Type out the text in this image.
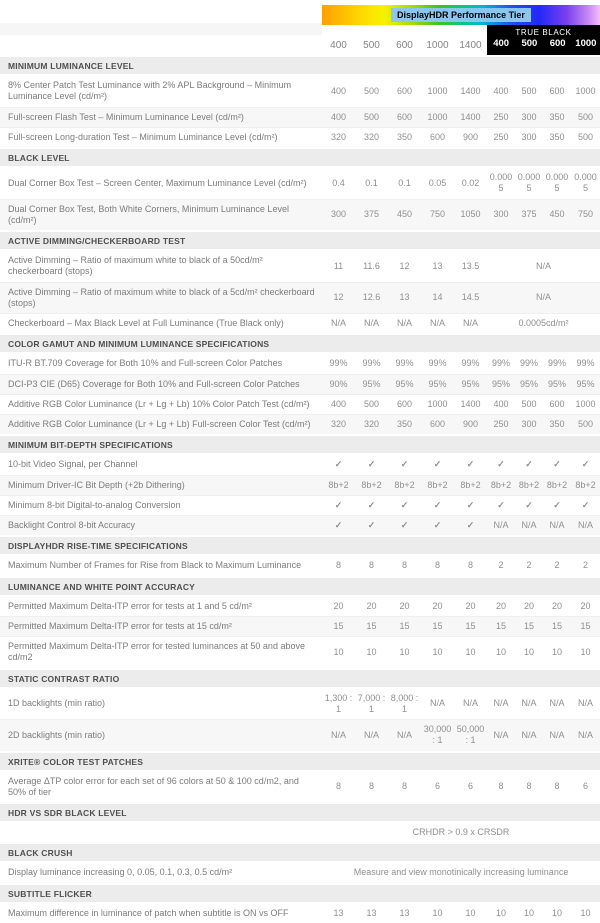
DisplayHDR Performance Tier
400	500	600	1000	1400
TRUE BLACK
400	500	600	1000
MINIMUM LUMINANCE LEVEL									
8% Center Patch Test Luminance with 2% APL Background – Minimum Luminance Level (cd/m²)	400	500	600	1000	1400	400	500	600	1000
Full-screen Flash Test – Minimum Luminance Level (cd/m²)	400	500	600	1000	1400	250	300	350	500
Full-screen Long-duration Test – Minimum Luminance Level (cd/m²)	320	320	350	600	900	250	300	350	500
BLACK LEVEL									
Dual Corner Box Test – Screen Center, Maximum Luminance Level (cd/m²)	0.4	0.1	0.1	0.05	0.02	0.0005	0.0005	0.0005	0.0005
Dual Corner Box Test, Both White Corners, Minimum Luminance Level (cd/m²)	300	375	450	750	1050	300	375	450	750
ACTIVE DIMMING/CHECKERBOARD TEST									
Active Dimming – Ratio of maximum white to black of a 50cd/m² checkerboard (stops)	11	11.6	12	13	13.5	N/A			
Active Dimming – Ratio of maximum white to black of a 5cd/m² checkerboard (stops)	12	12.6	13	14	14.5	N/A			
Checkerboard – Max Black Level at Full Luminance (True Black only)	N/A	N/A	N/A	N/A	N/A	0.0005cd/m²			
COLOR GAMUT AND MINIMUM LUMINANCE SPECIFICATIONS									
ITU-R BT.709 Coverage for Both 10% and Full-screen Color Patches	99%	99%	99%	99%	99%	99%	99%	99%	99%
DCI-P3 CIE (D65) Coverage for Both 10% and Full-screen Color Patches	90%	95%	95%	95%	95%	95%	95%	95%	95%
Additive RGB Color Luminance (Lr + Lg + Lb) 10% Color Patch Test (cd/m²)	400	500	600	1000	1400	400	500	600	1000
Additive RGB Color Luminance (Lr + Lg + Lb) Full-screen Color Test (cd/m²)	320	320	350	600	900	250	300	350	500
MINIMUM BIT-DEPTH SPECIFICATIONS									
10-bit Video Signal, per Channel	✓	✓	✓	✓	✓	✓	✓	✓	✓
Minimum Driver-IC Bit Depth (+2b Dithering)	8b+2	8b+2	8b+2	8b+2	8b+2	8b+2	8b+2	8b+2	8b+2
Minimum 8-bit Digital-to-analog Conversion	✓	✓	✓	✓	✓	✓	✓	✓	✓
Backlight Control 8-bit Accuracy	✓	✓	✓	✓	✓	N/A	N/A	N/A	N/A
DISPLAYHDR RISE-TIME SPECIFICATIONS									
Maximum Number of Frames for Rise from Black to Maximum Luminance	8	8	8	8	8	2	2	2	2
LUMINANCE AND WHITE POINT ACCURACY									
Permitted Maximum Delta-ITP error for tests at 1 and 5 cd/m²	20	20	20	20	20	20	20	20	20
Permitted Maximum Delta-ITP error for tests at 15 cd/m²	15	15	15	15	15	15	15	15	15
Permitted Maximum Delta-ITP error for tested luminances at 50 and above cd/m2	10	10	10	10	10	10	10	10	10
STATIC CONTRAST RATIO									
1D backlights (min ratio)	1,300 : 1	7,000 : 1	8,000 : 1	N/A	N/A	N/A	N/A	N/A	N/A
2D backlights (min ratio)	N/A	N/A	N/A	30,000 : 1	50,000 : 1	N/A	N/A	N/A	N/A
XRITE® COLOR TEST PATCHES									
Average ΔTP color error for each set of 96 colors at 50 & 100 cd/m2, and 50% of tier	8	8	8	6	6	8	8	8	6
HDR VS SDR BLACK LEVEL									
	CRHDR > 0.9 x CRSDR								
BLACK CRUSH									
Display luminance increasing 0, 0.05, 0.1, 0.3, 0.5 cd/m²	Measure and view monotinically increasing luminance								
SUBTITLE FLICKER									
Maximum difference in luminance of patch when subtitle is ON vs OFF	13	13	13	10	10	10	10	10	10
